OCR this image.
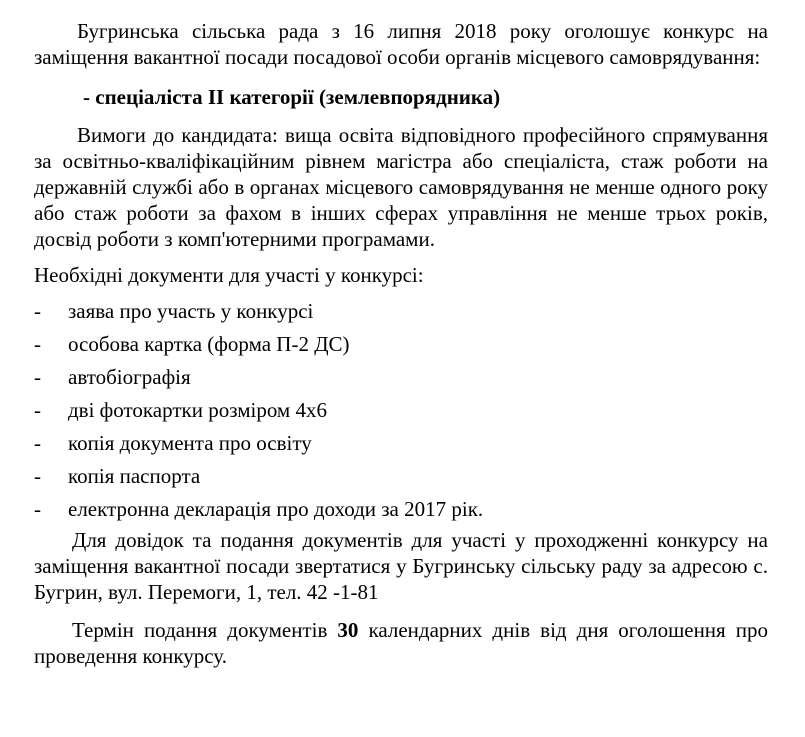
Бугринська сільська рада з 16 липня 2018 року оголошує конкурс на заміщення вакантної посади посадової особи органів місцевого самоврядування:

- спеціаліста ІІ категорії (землевпорядника)

Вимоги до кандидата: вища освіта відповідного професійного спрямування за освітньо-кваліфікаційним рівнем магістра або спеціаліста, стаж роботи на державній службі або в органах місцевого самоврядування не менше одного року або стаж роботи за фахом в інших сферах управління не менше трьох років, досвід роботи з комп'ютерними програмами.

Необхідні документи для участі у конкурсі:

-	заява про участь у конкурсі
-	особова картка (форма П-2 ДС)
-	автобіографія
-	дві фотокартки розміром 4х6
-	копія документа про освіту
-	копія паспорта
-	електронна декларація про доходи за 2017 рік.

Для довідок та подання документів для участі у проходженні конкурсу на заміщення вакантної посади звертатися у Бугринську сільську раду за адресою с. Бугрин, вул. Перемоги, 1, тел. 42 -1-81

Термін подання документів 30 календарних днів від дня оголошення про проведення конкурсу.
